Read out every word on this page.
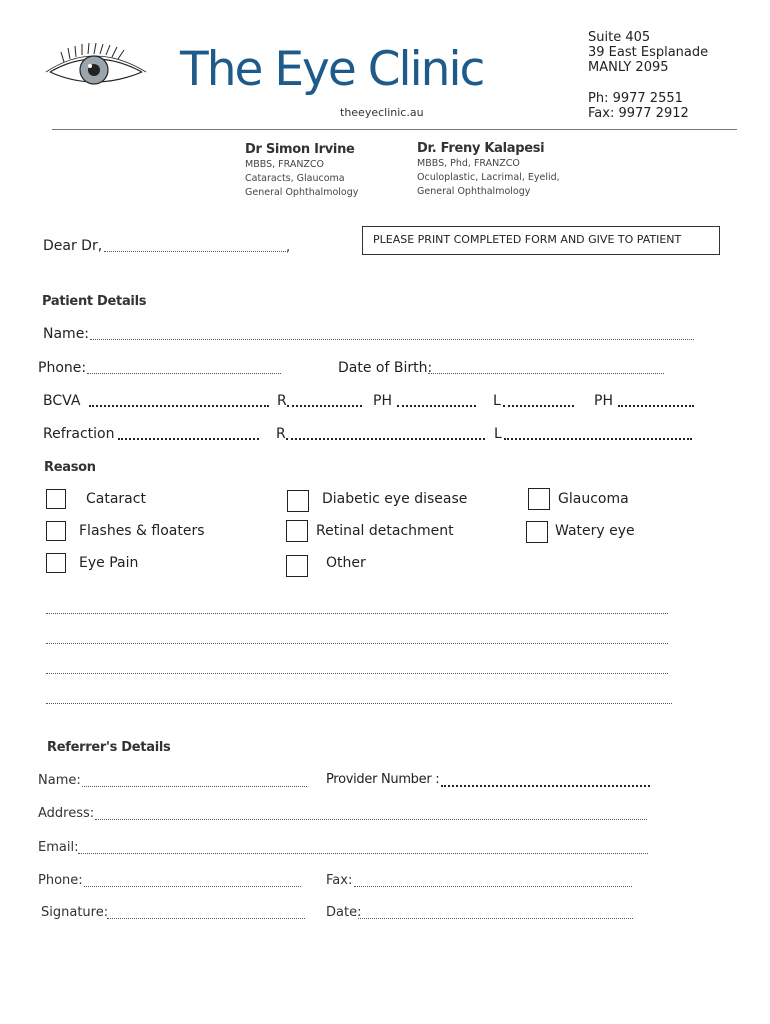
The Eye Clinic
theeyeclinic.au
Suite 405
39 East Esplanade
MANLY 2095
Ph: 9977 2551
Fax: 9977 2912
Dr Simon Irvine
MBBS, FRANZCO
Cataracts, Glaucoma
General Ophthalmology
Dr. Freny Kalapesi
MBBS, Phd, FRANZCO
Oculoplastic, Lacrimal, Eyelid,
General Ophthalmology
Dear Dr,	,
PLEASE PRINT COMPLETED FORM AND GIVE TO PATIENT
Patient Details
Name:
Phone:	Date of Birth:
BCVA	R	PH	L	PH
Refraction	R	L
Reason
Cataract	Diabetic eye disease	Glaucoma
Flashes & floaters	Retinal detachment	Watery eye
Eye Pain	Other
Referrer's Details
Name:	Provider Number :
Address:
Email:
Phone:	Fax:
Signature:	Date:
